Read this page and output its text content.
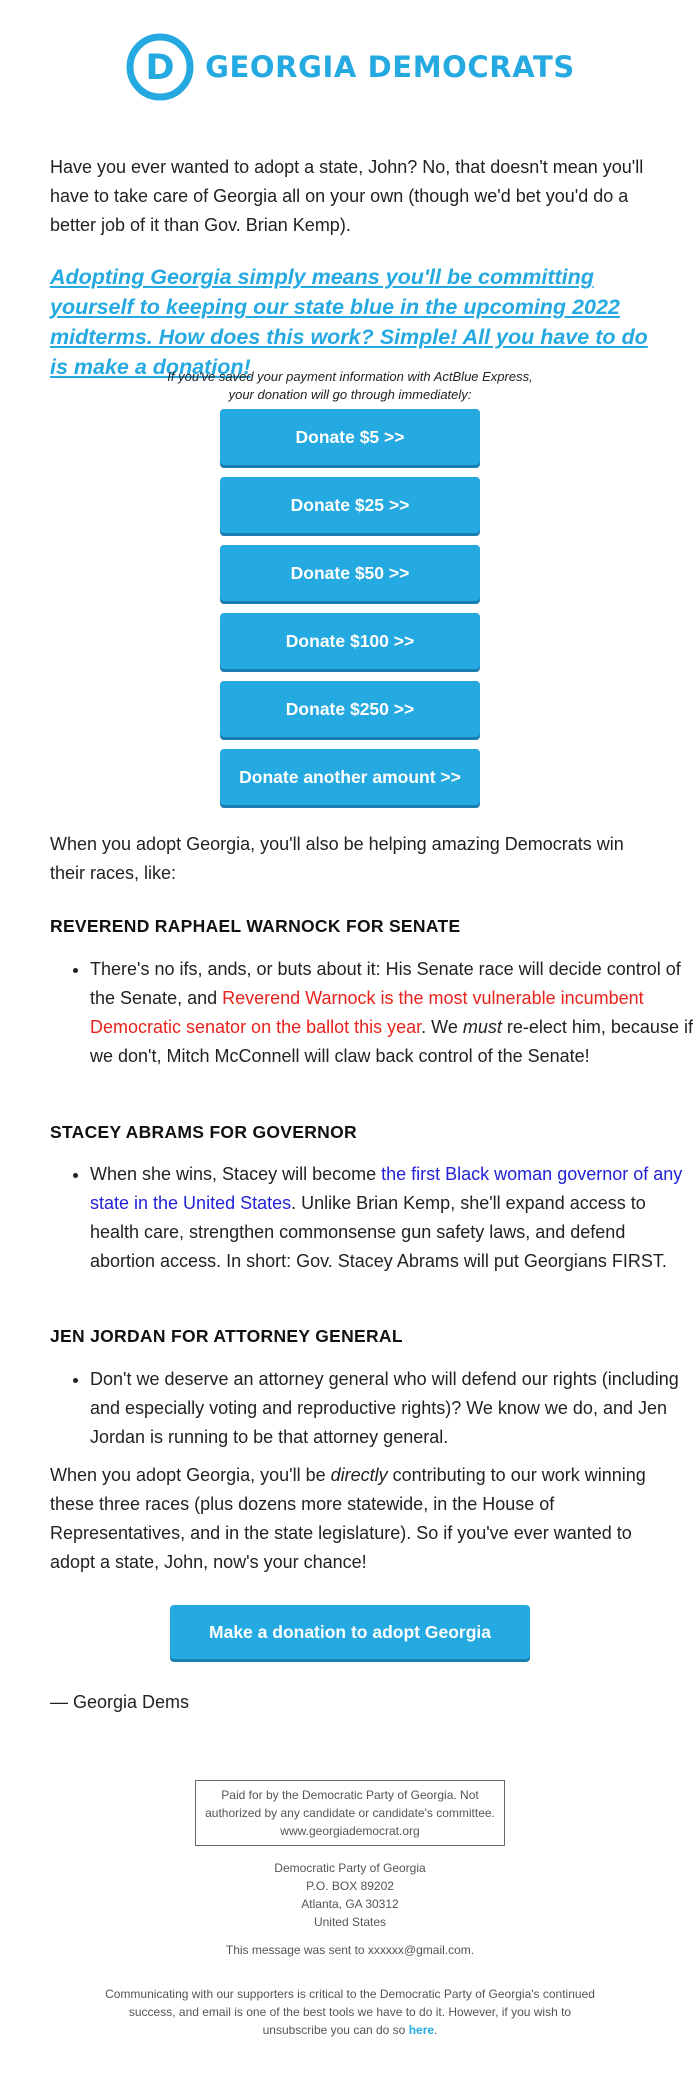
D GEORGIA DEMOCRATS

Have you ever wanted to adopt a state, John? No, that doesn't mean you'll have to take care of Georgia all on your own (though we'd bet you'd do a better job of it than Gov. Brian Kemp).

Adopting Georgia simply means you'll be committing yourself to keeping our state blue in the upcoming 2022 midterms. How does this work? Simple! All you have to do is make a donation!
If you've saved your payment information with ActBlue Express,
your donation will go through immediately:
Donate $5 >>
Donate $25 >>
Donate $50 >>
Donate $100 >>
Donate $250 >>
Donate another amount >>

When you adopt Georgia, you'll also be helping amazing Democrats win their races, like:

REVEREND RAPHAEL WARNOCK FOR SENATE
• There's no ifs, ands, or buts about it: His Senate race will decide control of the Senate, and Reverend Warnock is the most vulnerable incumbent Democratic senator on the ballot this year. We must re-elect him, because if we don't, Mitch McConnell will claw back control of the Senate!
STACEY ABRAMS FOR GOVERNOR
• When she wins, Stacey will become the first Black woman governor of any state in the United States. Unlike Brian Kemp, she'll expand access to health care, strengthen commonsense gun safety laws, and defend abortion access. In short: Gov. Stacey Abrams will put Georgians FIRST.
JEN JORDAN FOR ATTORNEY GENERAL
• Don't we deserve an attorney general who will defend our rights (including and especially voting and reproductive rights)? We know we do, and Jen Jordan is running to be that attorney general.

When you adopt Georgia, you'll be directly contributing to our work winning these three races (plus dozens more statewide, in the House of Representatives, and in the state legislature). So if you've ever wanted to adopt a state, John, now's your chance!

Make a donation to adopt Georgia

— Georgia Dems

Paid for by the Democratic Party of Georgia. Not
authorized by any candidate or candidate's committee.
www.georgiademocrat.org
Democratic Party of Georgia
P.O. BOX 89202
Atlanta, GA 30312
United States
This message was sent to xxxxxx@gmail.com.
Communicating with our supporters is critical to the Democratic Party of Georgia's continued
success, and email is one of the best tools we have to do it. However, if you wish to
unsubscribe you can do so here.
